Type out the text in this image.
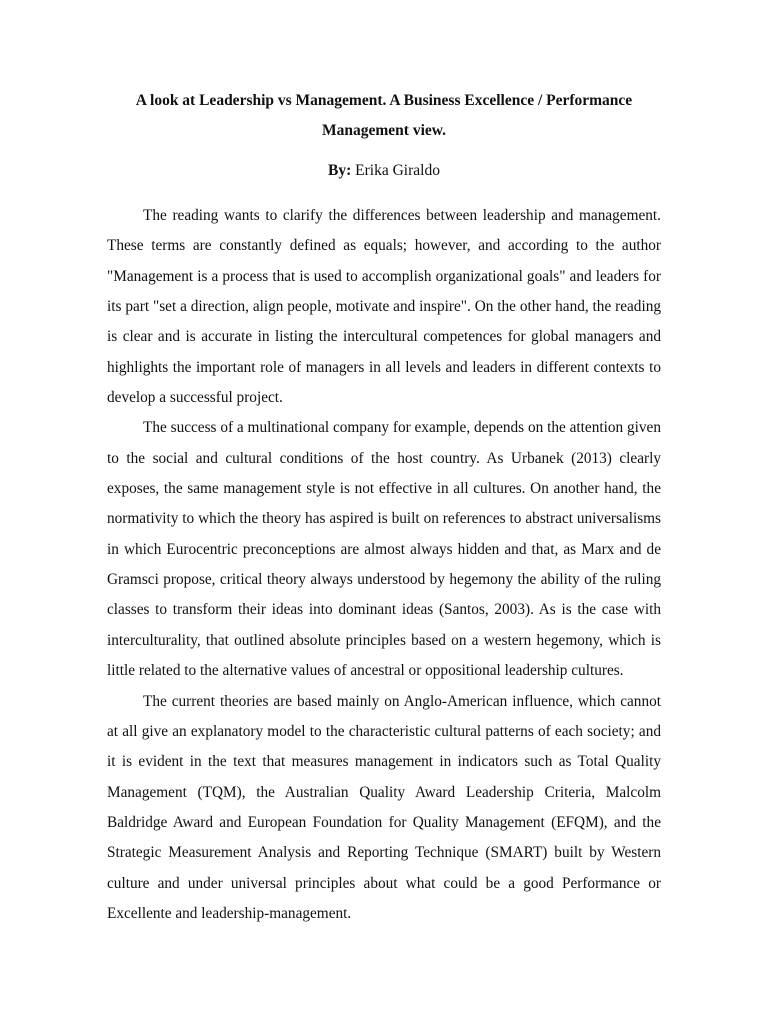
A look at Leadership vs Management. A Business Excellence / Performance
Management view.

By: Erika Giraldo

The reading wants to clarify the differences between leadership and management. These terms are constantly defined as equals; however, and according to the author "Management is a process that is used to accomplish organizational goals" and leaders for its part "set a direction, align people, motivate and inspire". On the other hand, the reading is clear and is accurate in listing the intercultural competences for global managers and highlights the important role of managers in all levels and leaders in different contexts to develop a successful project.

The success of a multinational company for example, depends on the attention given to the social and cultural conditions of the host country. As Urbanek (2013) clearly exposes, the same management style is not effective in all cultures. On another hand, the normativity to which the theory has aspired is built on references to abstract universalisms in which Eurocentric preconceptions are almost always hidden and that, as Marx and de Gramsci propose, critical theory always understood by hegemony the ability of the ruling classes to transform their ideas into dominant ideas (Santos, 2003). As is the case with interculturality, that outlined absolute principles based on a western hegemony, which is little related to the alternative values of ancestral or oppositional leadership cultures.

The current theories are based mainly on Anglo-American influence, which cannot at all give an explanatory model to the characteristic cultural patterns of each society; and it is evident in the text that measures management in indicators such as Total Quality Management (TQM), the Australian Quality Award Leadership Criteria, Malcolm Baldridge Award and European Foundation for Quality Management (EFQM), and the Strategic Measurement Analysis and Reporting Technique (SMART) built by Western culture and under universal principles about what could be a good Performance or Excellente and leadership-management.
